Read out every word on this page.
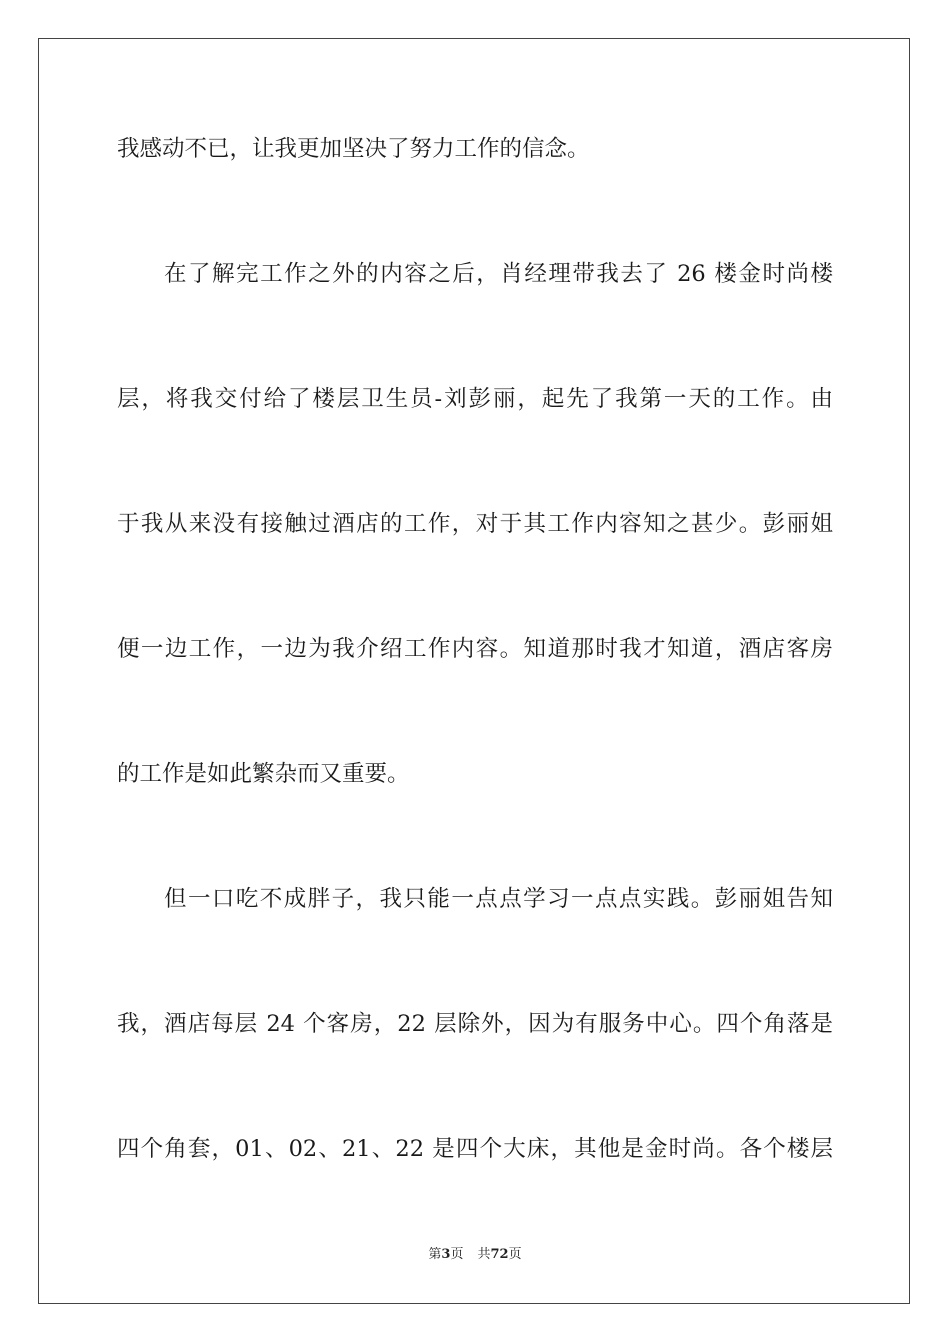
我感动不已，让我更加坚决了努力工作的信念。
在了解完工作之外的内容之后，肖经理带我去了 26 楼金时尚楼
层，将我交付给了楼层卫生员-刘彭丽，起先了我第一天的工作。由
于我从来没有接触过酒店的工作，对于其工作内容知之甚少。彭丽姐
便一边工作，一边为我介绍工作内容。知道那时我才知道，酒店客房
的工作是如此繁杂而又重要。
但一口吃不成胖子，我只能一点点学习一点点实践。彭丽姐告知
我，酒店每层 24 个客房，22 层除外，因为有服务中心。四个角落是
四个角套，01、02、21、22 是四个大床，其他是金时尚。各个楼层
第3页 共72页
